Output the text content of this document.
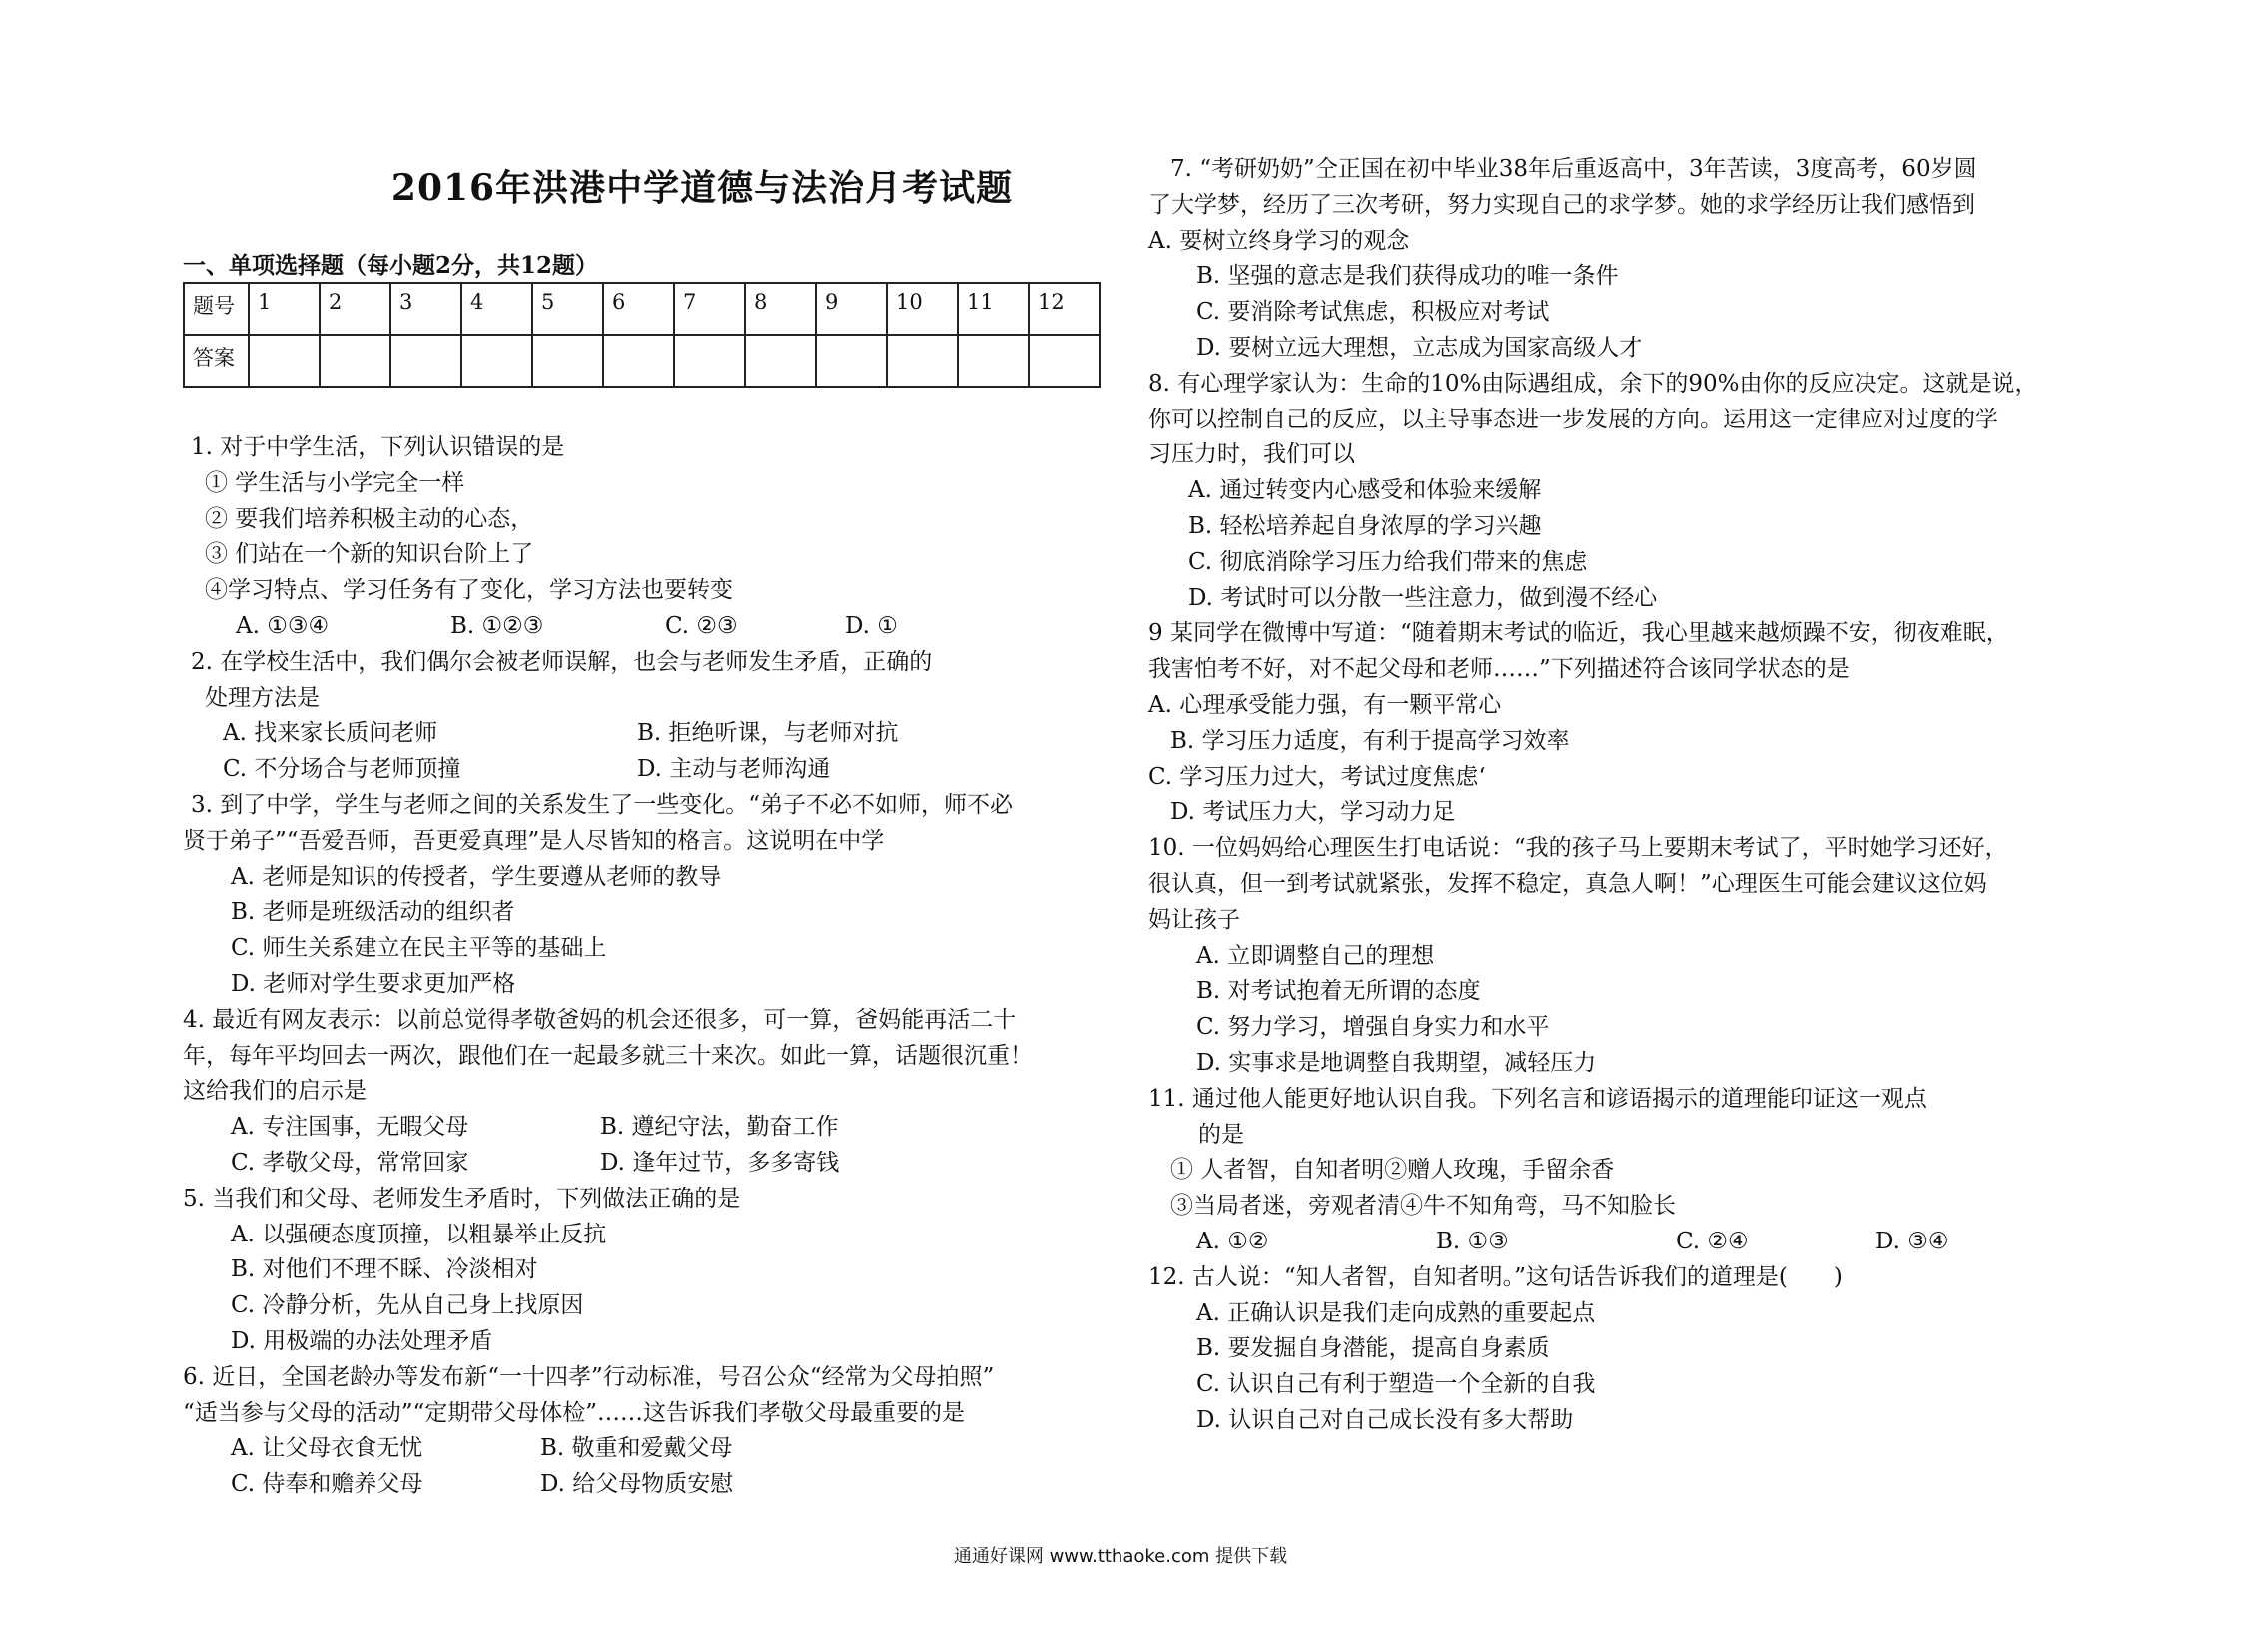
2016年洪港中学道德与法治月考试题
一、单项选择题（每小题2分，共12题）
题号	1	2	3	4	5	6	7	8	9	10	11	12
答案												
1. 对于中学生活，下列认识错误的是
① 学生活与小学完全一样
② 要我们培养积极主动的心态，
③ 们站在一个新的知识台阶上了
④学习特点、学习任务有了变化，学习方法也要转变
A. ①③④	B. ①②③	C. ②③	D. ①
2. 在学校生活中，我们偶尔会被老师误解，也会与老师发生矛盾，正确的
处理方法是
A. 找来家长质问老师	B. 拒绝听课，与老师对抗
C. 不分场合与老师顶撞	D. 主动与老师沟通
3. 到了中学，学生与老师之间的关系发生了一些变化。“弟子不必不如师，师不必
贤于弟子”“吾爱吾师，吾更爱真理”是人尽皆知的格言。这说明在中学
A. 老师是知识的传授者，学生要遵从老师的教导
B. 老师是班级活动的组织者
C. 师生关系建立在民主平等的基础上
D. 老师对学生要求更加严格
4. 最近有网友表示：以前总觉得孝敬爸妈的机会还很多，可一算，爸妈能再活二十
年，每年平均回去一两次，跟他们在一起最多就三十来次。如此一算，话题很沉重！
这给我们的启示是
A. 专注国事，无暇父母	B. 遵纪守法，勤奋工作
C. 孝敬父母，常常回家	D. 逢年过节，多多寄钱
5. 当我们和父母、老师发生矛盾时，下列做法正确的是
A. 以强硬态度顶撞，以粗暴举止反抗
B. 对他们不理不睬、冷淡相对
C. 冷静分析，先从自己身上找原因
D. 用极端的办法处理矛盾
6. 近日，全国老龄办等发布新“一十四孝”行动标准，号召公众“经常为父母拍照”
“适当参与父母的活动”“定期带父母体检”……这告诉我们孝敬父母最重要的是
A. 让父母衣食无忧	B. 敬重和爱戴父母
C. 侍奉和赡养父母	D. 给父母物质安慰
7. “考研奶奶”仝正国在初中毕业38年后重返高中，3年苦读，3度高考，60岁圆
了大学梦，经历了三次考研，努力实现自己的求学梦。她的求学经历让我们感悟到
A. 要树立终身学习的观念
B. 坚强的意志是我们获得成功的唯一条件
C. 要消除考试焦虑，积极应对考试
D. 要树立远大理想，立志成为国家高级人才
8. 有心理学家认为：生命的10%由际遇组成，余下的90%由你的反应决定。这就是说，
你可以控制自己的反应，以主导事态进一步发展的方向。运用这一定律应对过度的学
习压力时，我们可以
A. 通过转变内心感受和体验来缓解
B. 轻松培养起自身浓厚的学习兴趣
C. 彻底消除学习压力给我们带来的焦虑
D. 考试时可以分散一些注意力，做到漫不经心
9 某同学在微博中写道：“随着期末考试的临近，我心里越来越烦躁不安，彻夜难眠，
我害怕考不好，对不起父母和老师……”下列描述符合该同学状态的是
A. 心理承受能力强，有一颗平常心
B. 学习压力适度，有利于提高学习效率
C. 学习压力过大，考试过度焦虑‘
D. 考试压力大，学习动力足
10. 一位妈妈给心理医生打电话说：“我的孩子马上要期末考试了，平时她学习还好，
很认真，但一到考试就紧张，发挥不稳定，真急人啊！”心理医生可能会建议这位妈
妈让孩子
A. 立即调整自己的理想
B. 对考试抱着无所谓的态度
C. 努力学习，增强自身实力和水平
D. 实事求是地调整自我期望，减轻压力
11. 通过他人能更好地认识自我。下列名言和谚语揭示的道理能印证这一观点
的是
① 人者智，自知者明②赠人玫瑰，手留余香
③当局者迷，旁观者清④牛不知角弯，马不知脸长
A. ①②	B. ①③	C. ②④	D. ③④
12. 古人说：“知人者智，自知者明。”这句话告诉我们的道理是(　　)
A. 正确认识是我们走向成熟的重要起点
B. 要发掘自身潜能，提高自身素质
C. 认识自己有利于塑造一个全新的自我
D. 认识自己对自己成长没有多大帮助
通通好课网 www.tthaoke.com 提供下载
